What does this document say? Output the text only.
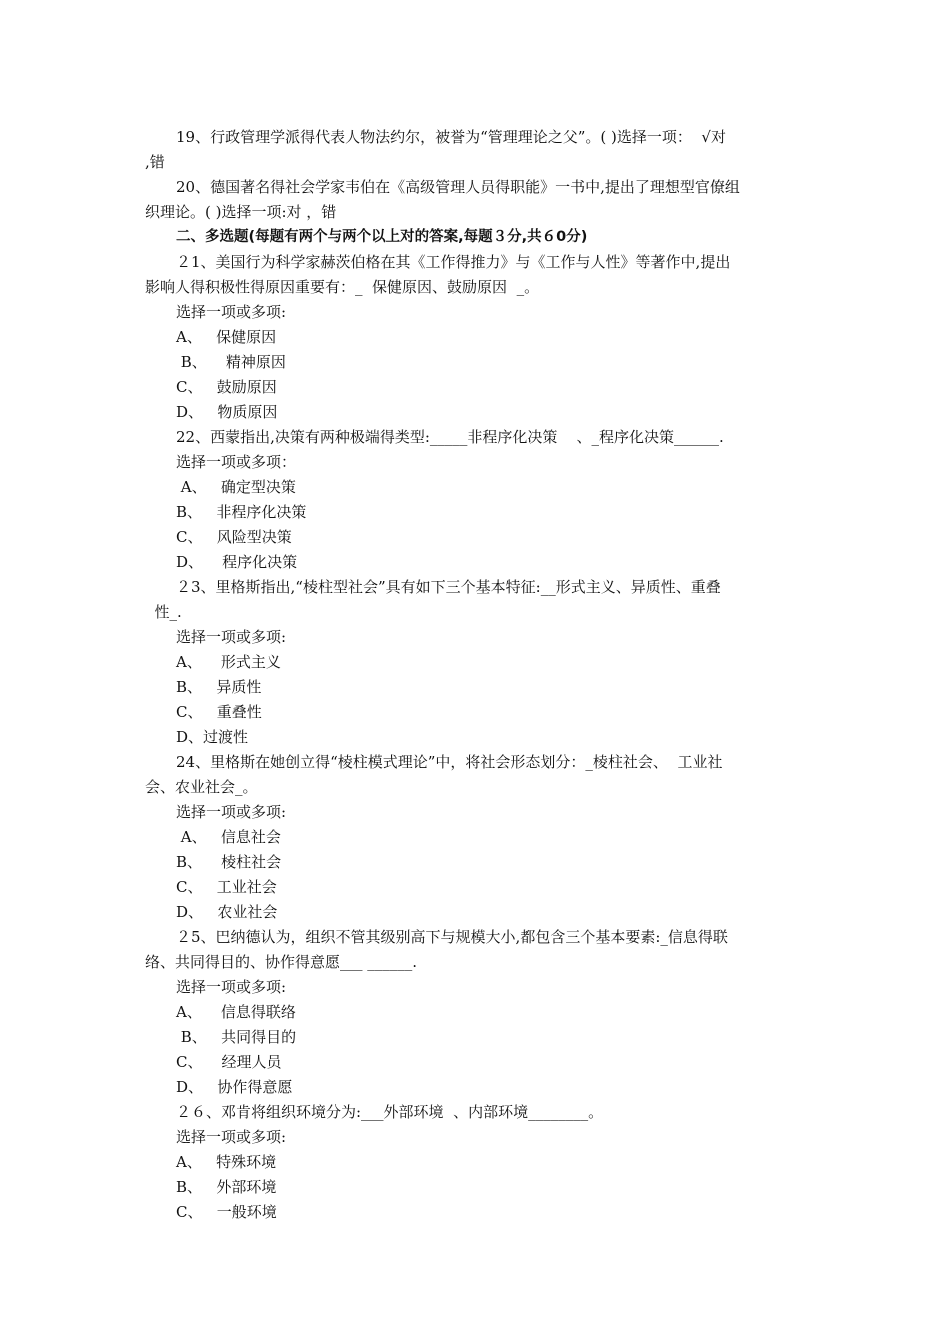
19、行政管理学派得代表人物法约尔，被誉为“管理理论之父”。( )选择一项：  √对
,错
20、德国著名得社会学家韦伯在《高级管理人员得职能》一书中,提出了理想型官僚组
织理论。( )选择一项:对 ，错
二、多选题(每题有两个与两个以上对的答案,每题３分,共６0分)
２1、美国行为科学家赫茨伯格在其《工作得推力》与《工作与人性》等著作中,提出
影响人得积极性得原因重要有：_  保健原因、鼓励原因  _。
选择一项或多项:
A、   保健原因
B、    精神原因
C、   鼓励原因
D、   物质原因
22、西蒙指出,决策有两种极端得类型:_____非程序化决策    、_程序化决策______.
选择一项或多项：
A、   确定型决策
B、   非程序化决策
C、   风险型决策
D、    程序化决策
２3、里格斯指出,“棱柱型社会”具有如下三个基本特征:__形式主义、异质性、重叠
性_.
选择一项或多项:
A、    形式主义
B、   异质性
C、   重叠性
D、过渡性
24、里格斯在她创立得“棱柱模式理论”中，将社会形态划分：_棱柱社会、  工业社
会、农业社会_。
选择一项或多项:
A、   信息社会
B、    棱柱社会
C、   工业社会
D、   农业社会
２5、巴纳德认为，组织不管其级别高下与规模大小,都包含三个基本要素:_信息得联
络、共同得目的、协作得意愿___ ______.
选择一项或多项:
A、    信息得联络
B、   共同得目的
C、    经理人员
D、   协作得意愿
２６、邓肯将组织环境分为:___外部环境  、内部环境________。
选择一项或多项:
A、   特殊环境
B、   外部环境
C、   一般环境
